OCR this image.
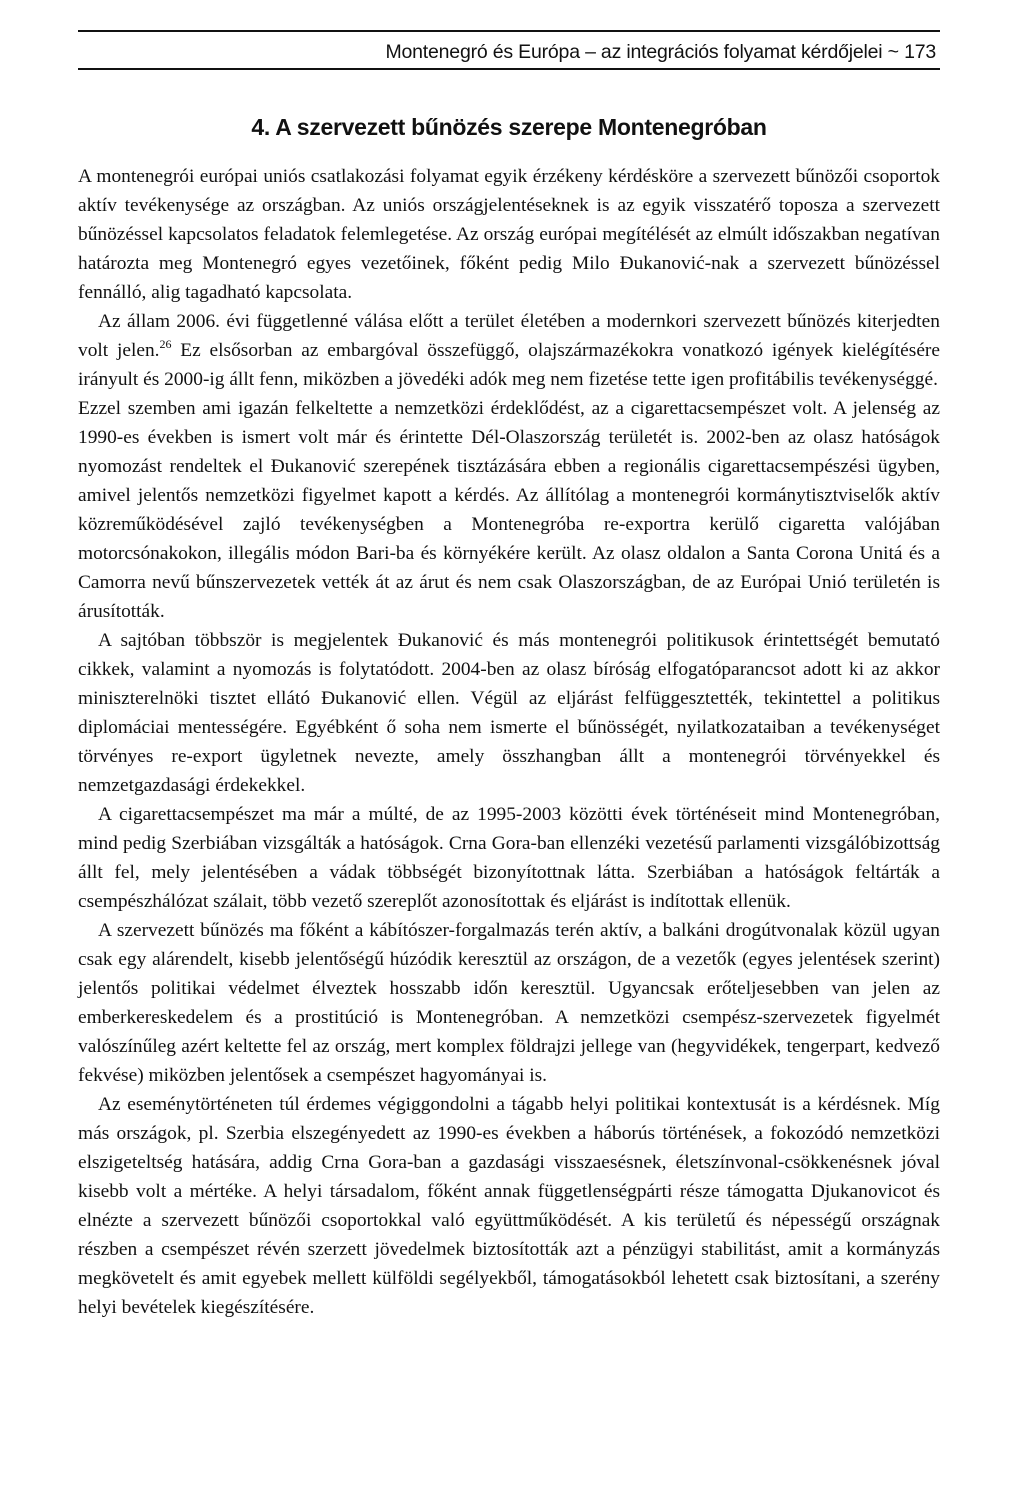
Montenegró és Európa – az integrációs folyamat kérdőjelei ~ 173
4. A szervezett bűnözés szerepe Montenegróban

A montenegrói európai uniós csatlakozási folyamat egyik érzékeny kérdésköre a szervezett bűnözői csoportok aktív tevékenysége az országban. Az uniós országjelentéseknek is az egyik visszatérő toposza a szervezett bűnözéssel kapcsolatos feladatok felemlegetése. Az ország európai megítélését az elmúlt időszakban negatívan határozta meg Montenegró egyes vezetőinek, főként pedig Milo Đukanović-nak a szervezett bűnözéssel fennálló, alig tagadható kapcsolata.

Az állam 2006. évi függetlenné válása előtt a terület életében a modernkori szervezett bűnözés kiterjedten volt jelen.$^{26}$ Ez elsősorban az embargóval összefüggő, olajszármazékokra vonatkozó igények kielégítésére irányult és 2000-ig állt fenn, miközben a jövedéki adók meg nem fizetése tette igen profitábilis tevékenységgé.

Ezzel szemben ami igazán felkeltette a nemzetközi érdeklődést, az a cigarettacsempészet volt. A jelenség az 1990-es években is ismert volt már és érintette Dél-Olaszország területét is. 2002-ben az olasz hatóságok nyomozást rendeltek el Đukanović szerepének tisztázására ebben a regionális cigarettacsempészési ügyben, amivel jelentős nemzetközi figyelmet kapott a kérdés. Az állítólag a montenegrói kormánytisztviselők aktív közreműködésével zajló tevékenységben a Montenegróba re-exportra kerülő cigaretta valójában motorcsónakokon, illegális módon Bari-ba és környékére került. Az olasz oldalon a Santa Corona Unitá és a Camorra nevű bűnszervezetek vették át az árut és nem csak Olaszországban, de az Európai Unió területén is árusították.

A sajtóban többször is megjelentek Đukanović és más montenegrói politikusok érintettségét bemutató cikkek, valamint a nyomozás is folytatódott. 2004-ben az olasz bíróság elfogatóparancsot adott ki az akkor miniszterelnöki tisztet ellátó Đukanović ellen. Végül az eljárást felfüggesztették, tekintettel a politikus diplomáciai mentességére. Egyébként ő soha nem ismerte el bűnösségét, nyilatkozataiban a tevékenységet törvényes re-export ügyletnek nevezte, amely összhangban állt a montenegrói törvényekkel és nemzetgazdasági érdekekkel.

A cigarettacsempészet ma már a múlté, de az 1995-2003 közötti évek történéseit mind Montenegróban, mind pedig Szerbiában vizsgálták a hatóságok. Crna Gora-ban ellenzéki vezetésű parlamenti vizsgálóbizottság állt fel, mely jelentésében a vádak többségét bizonyítottnak látta. Szerbiában a hatóságok feltárták a csempészhálózat szálait, több vezető szereplőt azonosítottak és eljárást is indítottak ellenük.

A szervezett bűnözés ma főként a kábítószer-forgalmazás terén aktív, a balkáni drogútvonalak közül ugyan csak egy alárendelt, kisebb jelentőségű húzódik keresztül az országon, de a vezetők (egyes jelentések szerint) jelentős politikai védelmet élveztek hosszabb időn keresztül. Ugyancsak erőteljesebben van jelen az emberkereskedelem és a prostitúció is Montenegróban. A nemzetközi csempész-szervezetek figyelmét valószínűleg azért keltette fel az ország, mert komplex földrajzi jellege van (hegyvidékek, tengerpart, kedvező fekvése) miközben jelentősek a csempészet hagyományai is.

Az eseménytörténeten túl érdemes végiggondolni a tágabb helyi politikai kontextusát is a kérdésnek. Míg más országok, pl. Szerbia elszegényedett az 1990-es években a háborús történések, a fokozódó nemzetközi elszigeteltség hatására, addig Crna Gora-ban a gazdasági visszaesésnek, életszínvonal-csökkenésnek jóval kisebb volt a mértéke. A helyi társadalom, főként annak függetlenségpárti része támogatta Djukanovicot és elnézte a szervezett bűnözői csoportokkal való együttműködését. A kis területű és népességű országnak részben a csempészet révén szerzett jövedelmek biztosították azt a pénzügyi stabilitást, amit a kormányzás megkövetelt és amit egyebek mellett külföldi segélyekből, támogatásokból lehetett csak biztosítani, a szerény helyi bevételek kiegészítésére.
